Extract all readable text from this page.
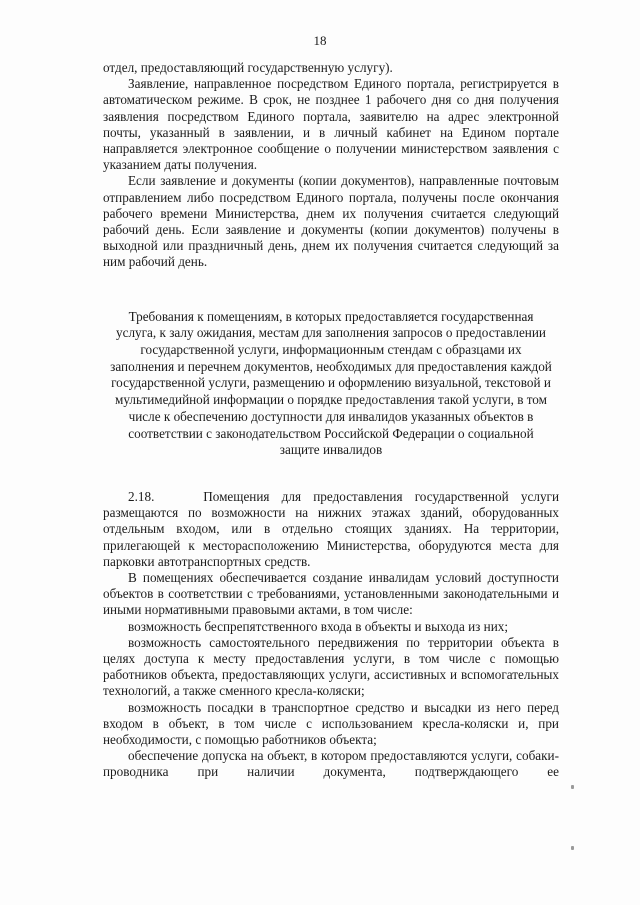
18

отдел, предоставляющий государственную услугу).

Заявление, направленное посредством Единого портала, регистрируется в автоматическом режиме. В срок, не позднее 1 рабочего дня со дня получения заявления посредством Единого портала, заявителю на адрес электронной почты, указанный в заявлении, и в личный кабинет на Едином портале направляется электронное сообщение о получении министерством заявления с указанием даты получения.

Если заявление и документы (копии документов), направленные почтовым отправлением либо посредством Единого портала, получены после окончания рабочего времени Министерства, днем их получения считается следующий рабочий день. Если заявление и документы (копии документов) получены в выходной или праздничный день, днем их получения считается следующий за ним рабочий день.

Требования к помещениям, в которых предоставляется государственная услуга, к залу ожидания, местам для заполнения запросов о предоставлении государственной услуги, информационным стендам с образцами их заполнения и перечнем документов, необходимых для предоставления каждой государственной услуги, размещению и оформлению визуальной, текстовой и мультимедийной информации о порядке предоставления такой услуги, в том числе к обеспечению доступности для инвалидов указанных объектов в соответствии с законодательством Российской Федерации о социальной защите инвалидов

2.18.	Помещения для предоставления государственной услуги размещаются по возможности на нижних этажах зданий, оборудованных отдельным входом, или в отдельно стоящих зданиях. На территории, прилегающей к месторасположению Министерства, оборудуются места для парковки автотранспортных средств.

В помещениях обеспечивается создание инвалидам условий доступности объектов в соответствии с требованиями, установленными законодательными и иными нормативными правовыми актами, в том числе:

возможность беспрепятственного входа в объекты и выхода из них;

возможность самостоятельного передвижения по территории объекта в целях доступа к месту предоставления услуги, в том числе с помощью работников объекта, предоставляющих услуги, ассистивных и вспомогательных технологий, а также сменного кресла-коляски;

возможность посадки в транспортное средство и высадки из него перед входом в объект, в том числе с использованием кресла-коляски и, при необходимости, с помощью работников объекта;

обеспечение допуска на объект, в котором предоставляются услуги, собаки-проводника при наличии документа, подтверждающего ее
